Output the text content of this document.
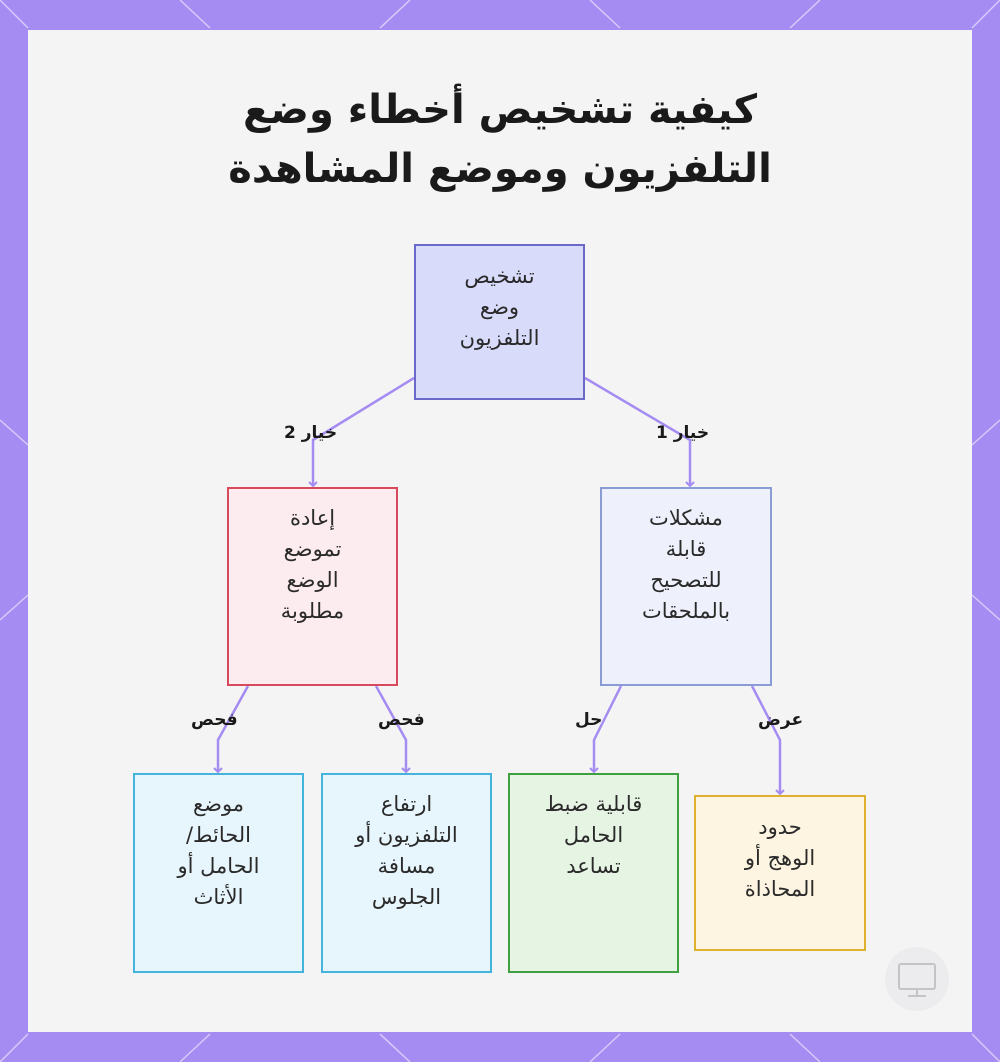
كيفية تشخيص أخطاء وضع
التلفزيون وموضع المشاهدة
خيار 1
خيار 2
عرض
حل
فحص
فحص
تشخيص
وضع
التلفزيون
مشكلات
قابلة
للتصحيح
بالملحقات
إعادة
تموضع
الوضع
مطلوبة
حدود
الوهج أو
المحاذاة
قابلية ضبط
الحامل
تساعد
ارتفاع
التلفزيون أو
مسافة
الجلوس
موضع
الحائط/
الحامل أو
الأثاث
